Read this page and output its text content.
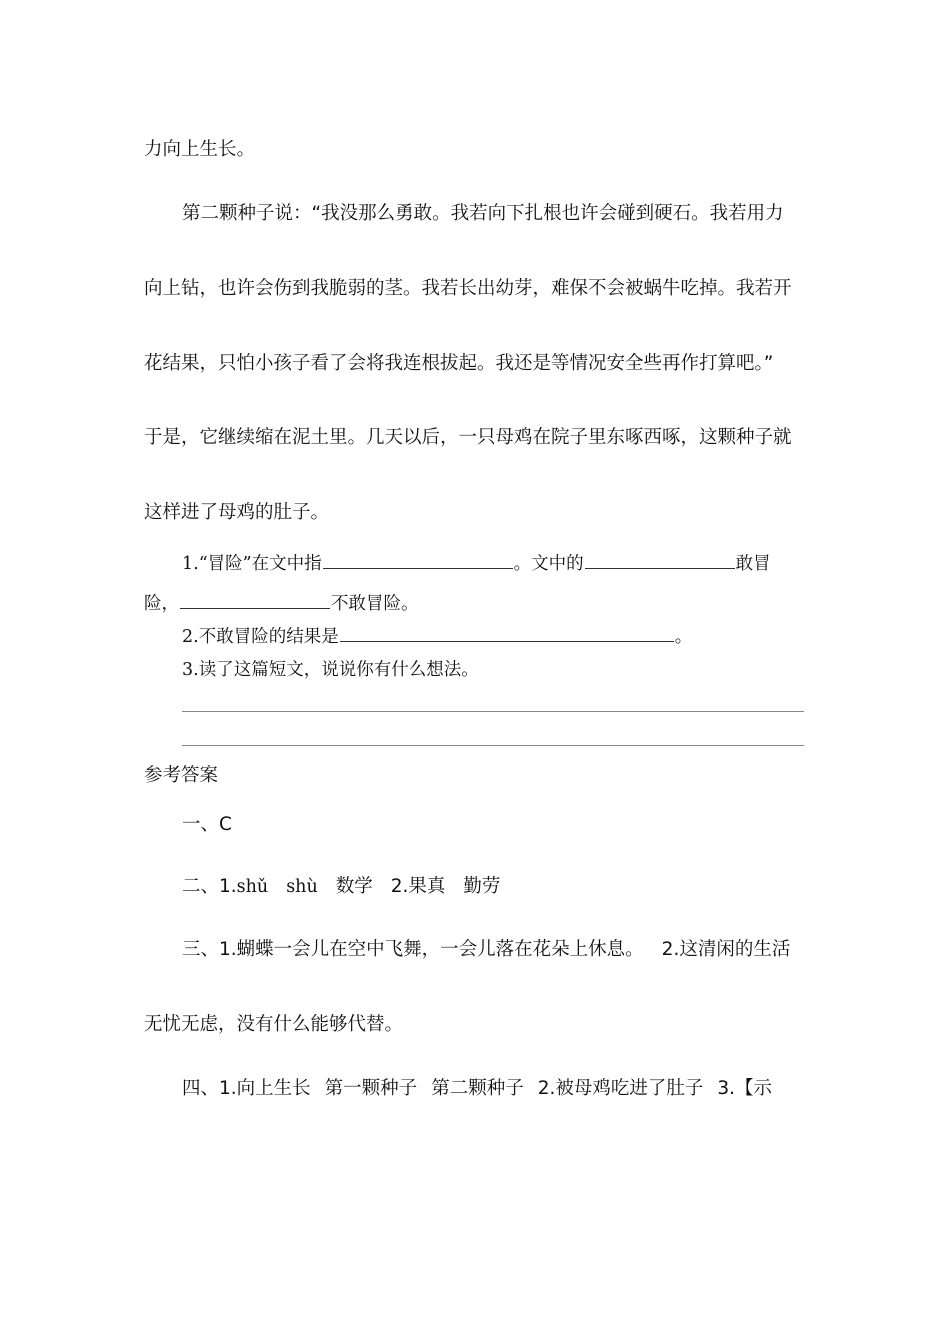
力向上生长。
第二颗种子说：“我没那么勇敢。我若向下扎根也许会碰到硬石。我若用力
向上钻，也许会伤到我脆弱的茎。我若长出幼芽，难保不会被蜗牛吃掉。我若开
花结果，只怕小孩子看了会将我连根拔起。我还是等情况安全些再作打算吧。”
于是，它继续缩在泥土里。几天以后，一只母鸡在院子里东啄西啄，这颗种子就
这样进了母鸡的肚子。
1.“冒险”在文中指	。文中的	敢冒
险，	不敢冒险。
2.不敢冒险的结果是	。
3.读了这篇短文，说说你有什么想法。
参考答案
一、C
二、1.shǔ shù 数学 2.果真 勤劳
三、1.蝴蝶一会儿在空中飞舞，一会儿落在花朵上休息。 2.这清闲的生活
无忧无虑，没有什么能够代替。
四、1.向上生长 第一颗种子 第二颗种子 2.被母鸡吃进了肚子 3.【示
